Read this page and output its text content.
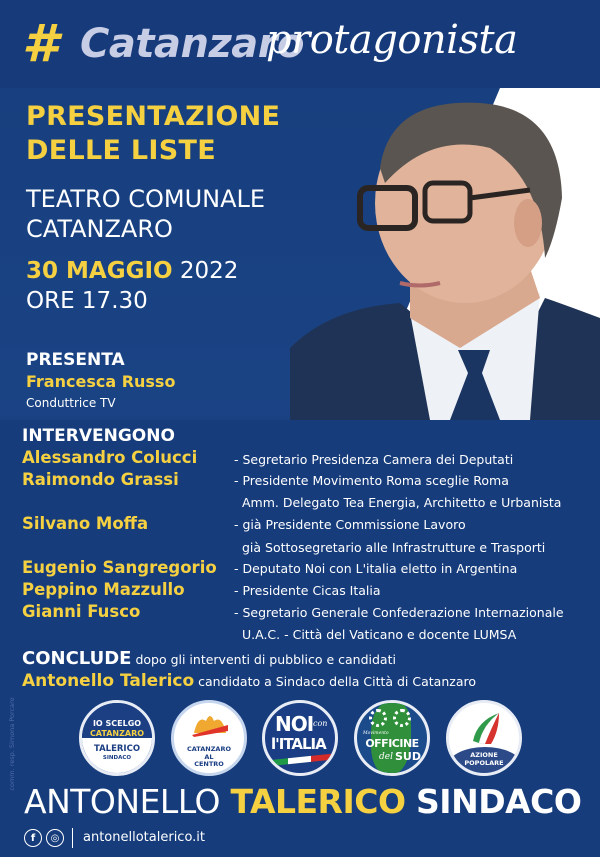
# Catanzaro
protagonista
PRESENTAZIONE
DELLE LISTE
TEATRO COMUNALE
CATANZARO
30 MAGGIO 2022
ORE 17.30
PRESENTA
Francesca Russo
Conduttrice TV
INTERVENGONO
Alessandro Colucci	- Segretario Presidenza Camera dei Deputati
Raimondo Grassi	- Presidente Movimento Roma sceglie Roma
Amm. Delegato Tea Energia, Architetto e Urbanista
Silvano Moffa	- già Presidente Commissione Lavoro
già Sottosegretario alle Infrastrutture e Trasporti
Eugenio Sangregorio - Deputato Noi con L'italia eletto in Argentina
Peppino Mazzullo	- Presidente Cicas Italia
Gianni Fusco	- Segretario Generale Confederazione Internazionale
U.A.C. - Città del Vaticano e docente LUMSA
CONCLUDE dopo gli interventi di pubblico e candidati
Antonello Talerico candidato a Sindaco della Città di Catanzaro
comm. resp. Simona Porcaro	IO SCELGO
CATANZARO
TALERICO
SINDACO
CATANZARO
AL
CENTRO
NOI con
l'ITALIA
Movimento
OFFICINE
del SUD	AZIONE
POPOLARE
ANTONELLO TALERICO SINDACO
f	◎	antonellotalerico.it
